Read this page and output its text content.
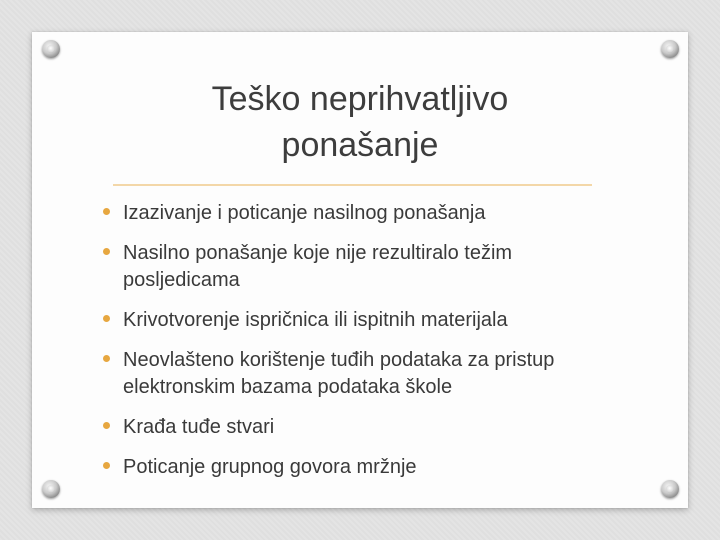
Teško neprihvatljivo
ponašanje
Izazivanje i poticanje nasilnog ponašanja
Nasilno ponašanje koje nije rezultiralo težim posljedicama
Krivotvorenje ispričnica ili ispitnih materijala
Neovlašteno korištenje tuđih podataka za pristup elektronskim bazama podataka škole
Krađa tuđe stvari
Poticanje grupnog govora mržnje
